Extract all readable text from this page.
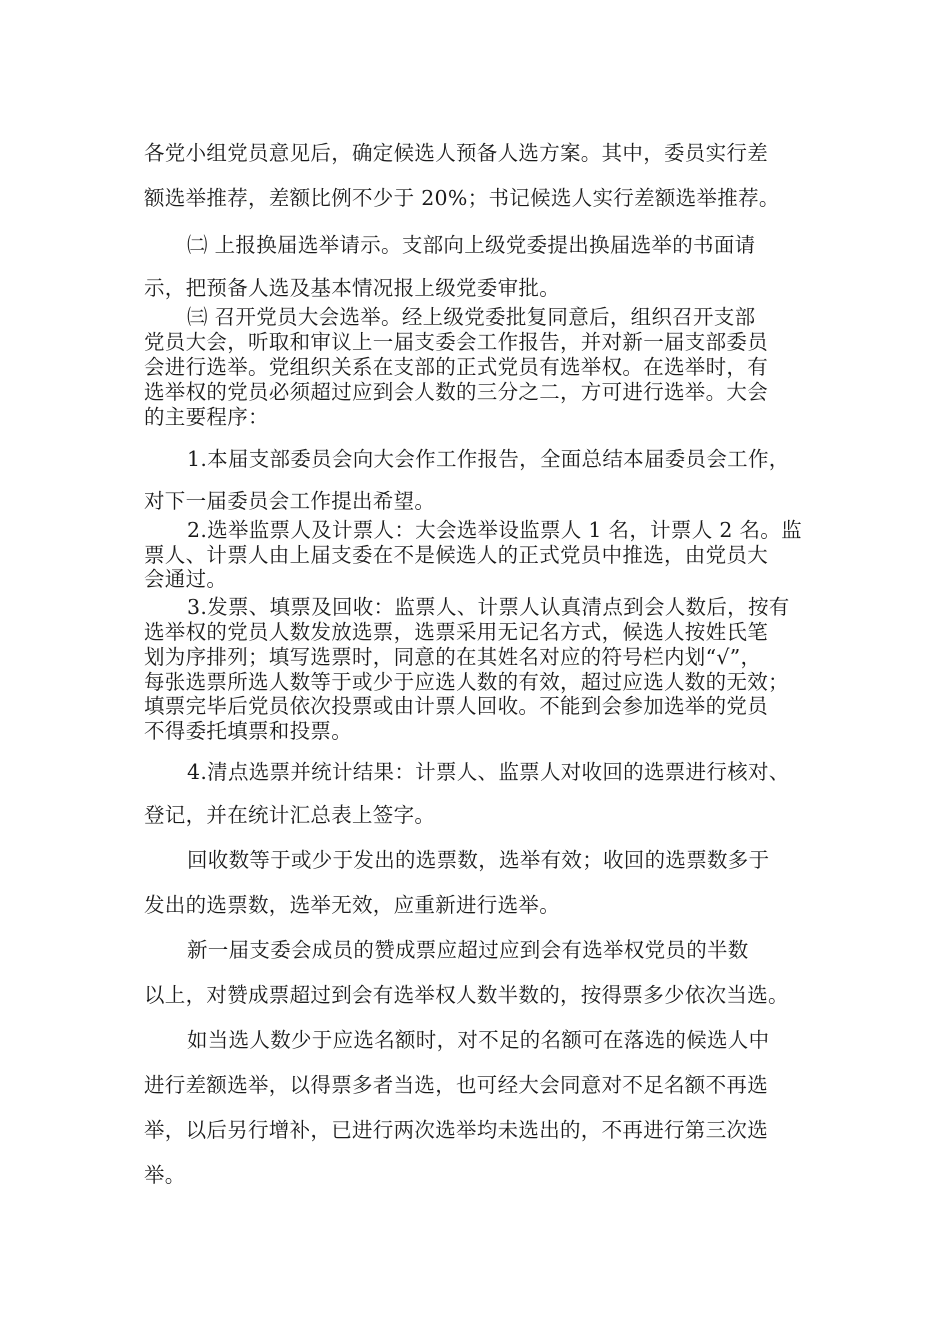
各党小组党员意见后，确定候选人预备人选方案。其中，委员实行差
额选举推荐，差额比例不少于 20%；书记候选人实行差额选举推荐。
㈡ 上报换届选举请示。支部向上级党委提出换届选举的书面请
示，把预备人选及基本情况报上级党委审批。
㈢ 召开党员大会选举。经上级党委批复同意后，组织召开支部
党员大会，听取和审议上一届支委会工作报告，并对新一届支部委员
会进行选举。党组织关系在支部的正式党员有选举权。在选举时，有
选举权的党员必须超过应到会人数的三分之二，方可进行选举。大会
的主要程序：
1.本届支部委员会向大会作工作报告，全面总结本届委员会工作，
对下一届委员会工作提出希望。
2.选举监票人及计票人：大会选举设监票人 1 名，计票人 2 名。监
票人、计票人由上届支委在不是候选人的正式党员中推选，由党员大
会通过。
3.发票、填票及回收：监票人、计票人认真清点到会人数后，按有
选举权的党员人数发放选票，选票采用无记名方式，候选人按姓氏笔
划为序排列；填写选票时，同意的在其姓名对应的符号栏内划“√”，
每张选票所选人数等于或少于应选人数的有效，超过应选人数的无效；
填票完毕后党员依次投票或由计票人回收。不能到会参加选举的党员
不得委托填票和投票。
4.清点选票并统计结果：计票人、监票人对收回的选票进行核对、
登记，并在统计汇总表上签字。
回收数等于或少于发出的选票数，选举有效；收回的选票数多于
发出的选票数，选举无效，应重新进行选举。
新一届支委会成员的赞成票应超过应到会有选举权党员的半数
以上，对赞成票超过到会有选举权人数半数的，按得票多少依次当选。
如当选人数少于应选名额时，对不足的名额可在落选的候选人中
进行差额选举，以得票多者当选，也可经大会同意对不足名额不再选
举，以后另行增补，已进行两次选举均未选出的，不再进行第三次选
举。
